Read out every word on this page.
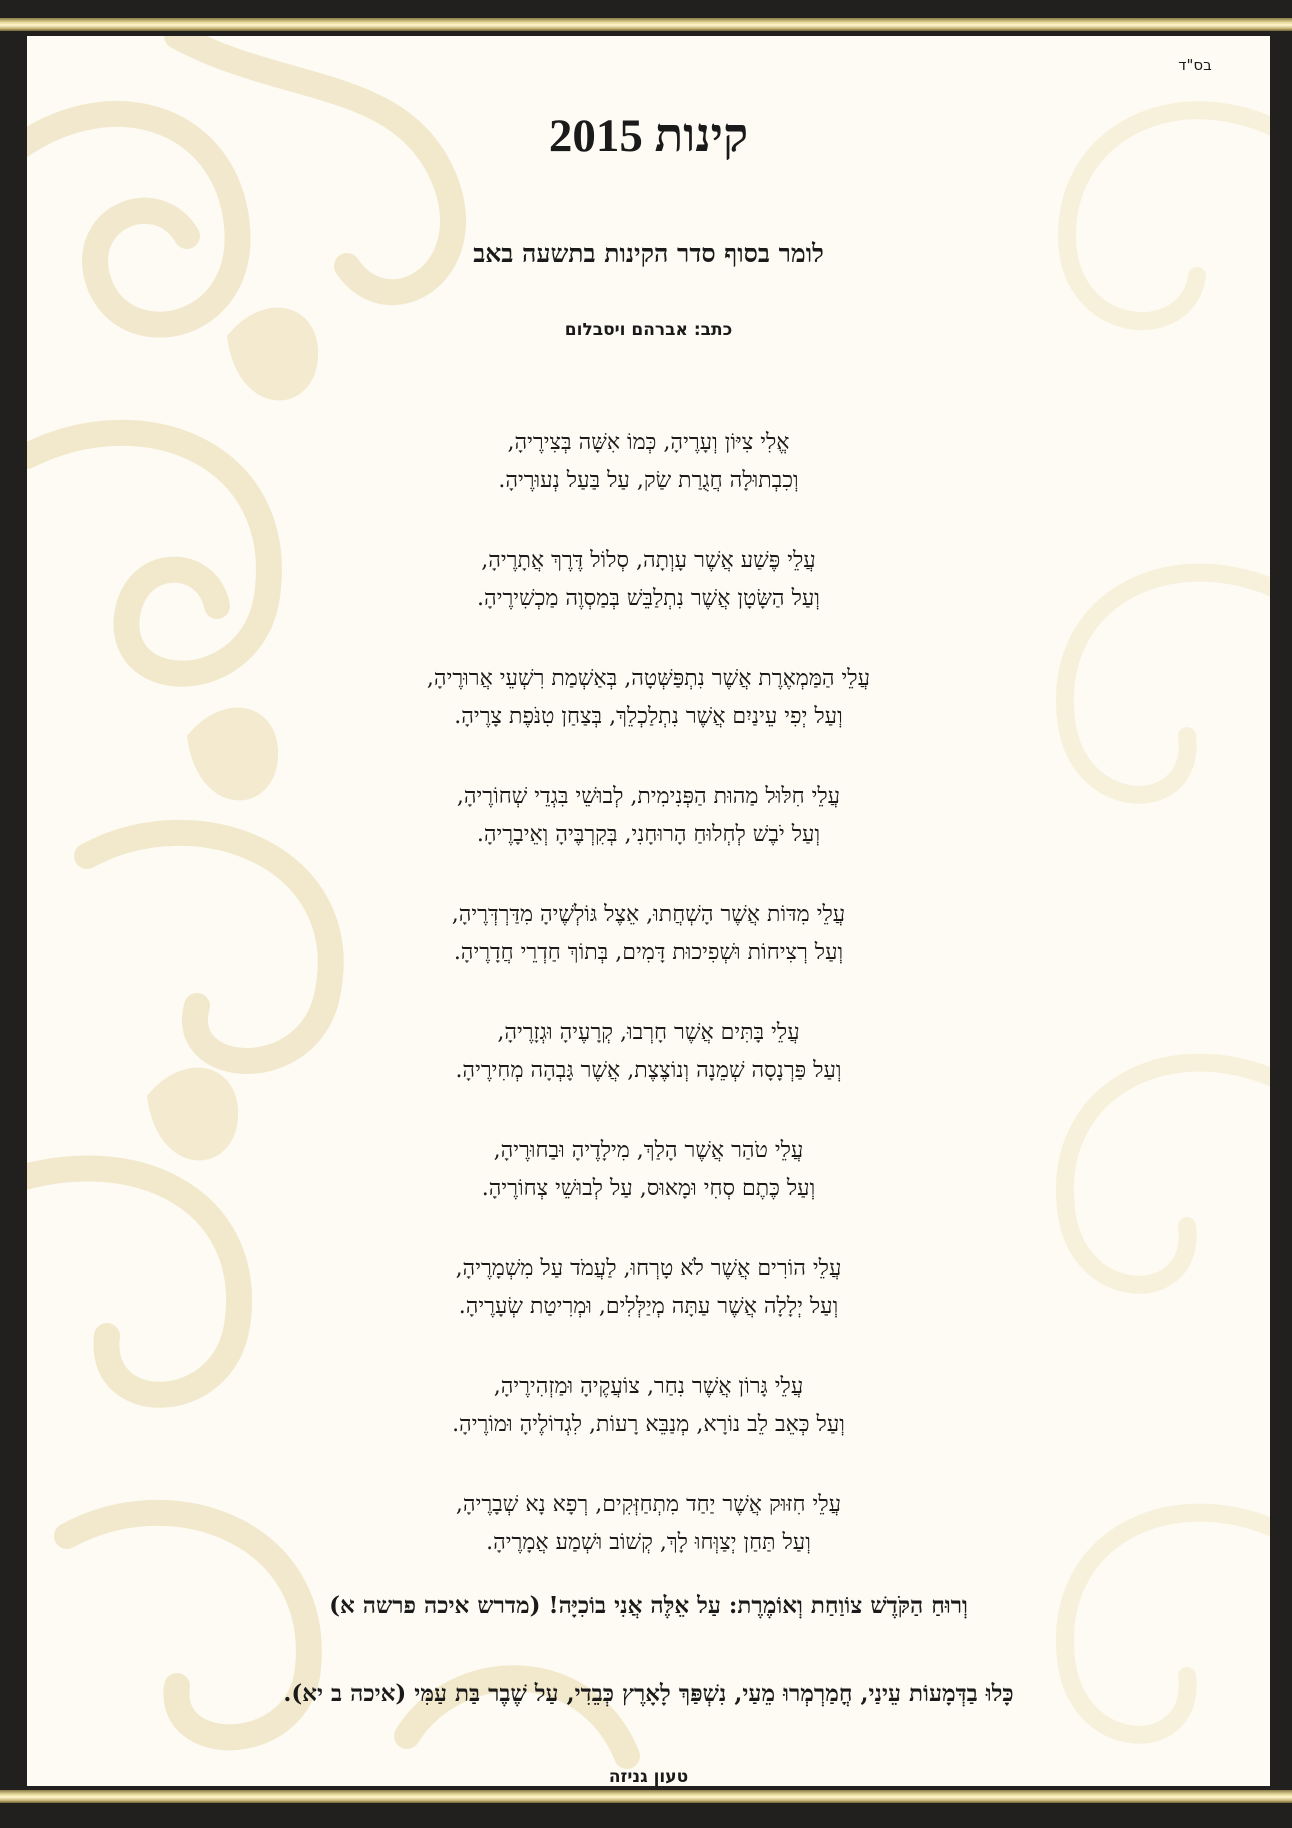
בס"ד
קינות 2015
לומר בסוף סדר הקינות בתשעה באב
כתב: אברהם ויסבלום
אֱלִי צִיּוֹן וְעָרֶיהָ, כְּמוֹ אִשָּׁה בְּצִירֶיהָ,
וְכִבְתוּלָה חֲגֻרַת שַׂק, עַל בַּעַל נְעוּרֶיהָ.
עֲלֵי פֶּשַׁע אֲשֶׁר עָוְתָה, סְלוֹל דֶּרֶךְ אֲתָרֶיהָ,
וְעַל הַשָּׂטָן אֲשֶׁר נִתְלַבֵּשׁ בְּמַסְוֶה מַכְשִׁירֶיהָ.
עֲלֵי הַמַּמְאֶרֶת אֲשֶׁר נִתְפַּשְּׁטָה, בְּאַשְׁמַת רִשְׁעֵי אֲרוּרֶיהָ,
וְעַל יְפִי עֵינַיִם אֲשֶׁר נִתְלַכְלֵךְ, בְּצַחַן טִנֹּפֶת צָרֶיהָ.
עֲלֵי חִלּוּל מַהוּת הַפְּנִימִית, לְבוּשֵׁי בִּגְדֵי שְׁחוֹרֶיהָ,
וְעַל יֹבֶשׁ לְחְלוּחַ הָרוּחָנִי, בְּקִרְבֶּיהָ וְאֵיבָרֶיהָ.
עֲלֵי מִדּוֹת אֲשֶׁר הָשְׁחֲתוּ, אֵצֶל גּוֹלְשֶׁיהָ מִדַּרְדְּרֶיהָ,
וְעַל רְצִיחוֹת וּשְׁפִיכוּת דָּמִים, בְּתוֹךְ חַדְרֵי חֲדָרֶיהָ.
עֲלֵי בָּתִּים אֲשֶׁר חָרְבוּ, קְרָעֶיהָ וּגְזָרֶיהָ,
וְעַל פַּרְנָסָה שְׁמֵנָה וְנוֹצֶצֶת, אֲשֶׁר גָּבְהָה מְחִירֶיהָ.
עֲלֵי טֹהַר אֲשֶׁר הָלַךְ, מִילָדֶיהָ וּבַחוּרֶיהָ,
וְעַל כֶּתֶם סְחִי וּמָאוּס, עַל לְבוּשֵׁי צְחוֹרֶיהָ.
עֲלֵי הוֹרִים אֲשֶׁר לֹא טָרְחוּ, לַעֲמֹד עַל מִשְׁמָרֶיהָ,
וְעַל יְלָלָה אֲשֶׁר עַתָּה מְיַלְּלִים, וּמְרִיטַת שְׂעָרֶיהָ.
עֲלֵי גָּרוֹן אֲשֶׁר נִחַר, צוֹעֲקֶיהָ וּמַזְהִירֶיהָ,
וְעַל כְּאֵב לֵב נוֹרָא, מְנַבֵּא רָעוֹת, לִגְדוֹלֶיהָ וּמוֹרֶיהָ.
עֲלֵי חִזּוּק אֲשֶׁר יַחַד מִתְחַזְּקִים, רְפָא נָא שְׁבָרֶיהָ,
וְעַל תַּחַן יְצַוְּחוּ לָךְ, קְשׁוֹב וּשְׁמַע אֲמָרֶיהָ.
וְרוּחַ הַקֹּדֶשׁ צוֹוַחַת וְאוֹמֶרֶת: עַל אֵלֶּה אֲנִי בוֹכִיָּה! (מדרש איכה פרשה א)
כָּלוּ בַדְּמָעוֹת עֵינַי, חֳמַרְמְרוּ מֵעַי, נִשְׁפַּךְ לָאָרֶץ כְּבֵדִי, עַל שֶׁבֶר בַּת עַמִּי (איכה ב יא).
טעון גניזה
